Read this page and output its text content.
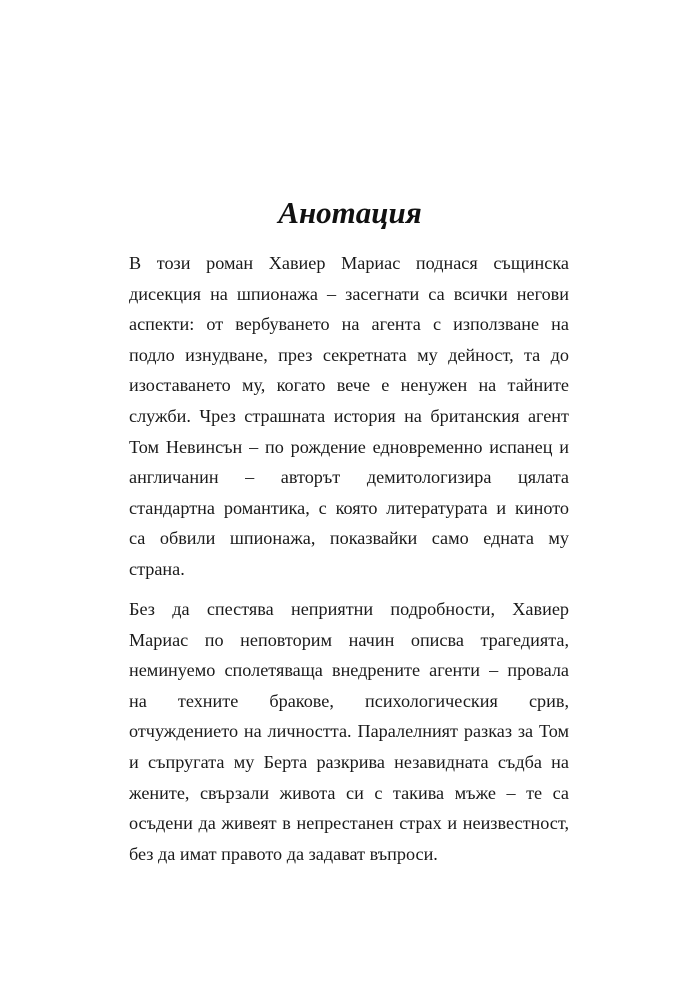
Анотация
В този роман Хавиер Мариас поднася същинска
дисекция на шпионажа – засегнати са всички негови
аспекти: от вербуването на агента с използване на
подло изнудване, през секретната му дейност, та до
изоставането му, когато вече е ненужен на тайните
служби. Чрез страшната история на британския агент
Том Невинсън – по рождение едновременно испанец и
англичанин – авторът демитологизира цялата
стандартна романтика, с която литературата и киното
са обвили шпионажа, показвайки само едната му
страна.
Без да спестява неприятни подробности, Хавиер
Мариас по неповторим начин описва трагедията,
неминуемо сполетяваща внедрените агенти – провала
на техните бракове, психологическия срив,
отчуждението на личността. Паралелният разказ за Том
и съпругата му Берта разкрива незавидната съдба на
жените, свързали живота си с такива мъже – те са
осъдени да живеят в непрестанен страх и неизвестност,
без да имат правото да задават въпроси.
